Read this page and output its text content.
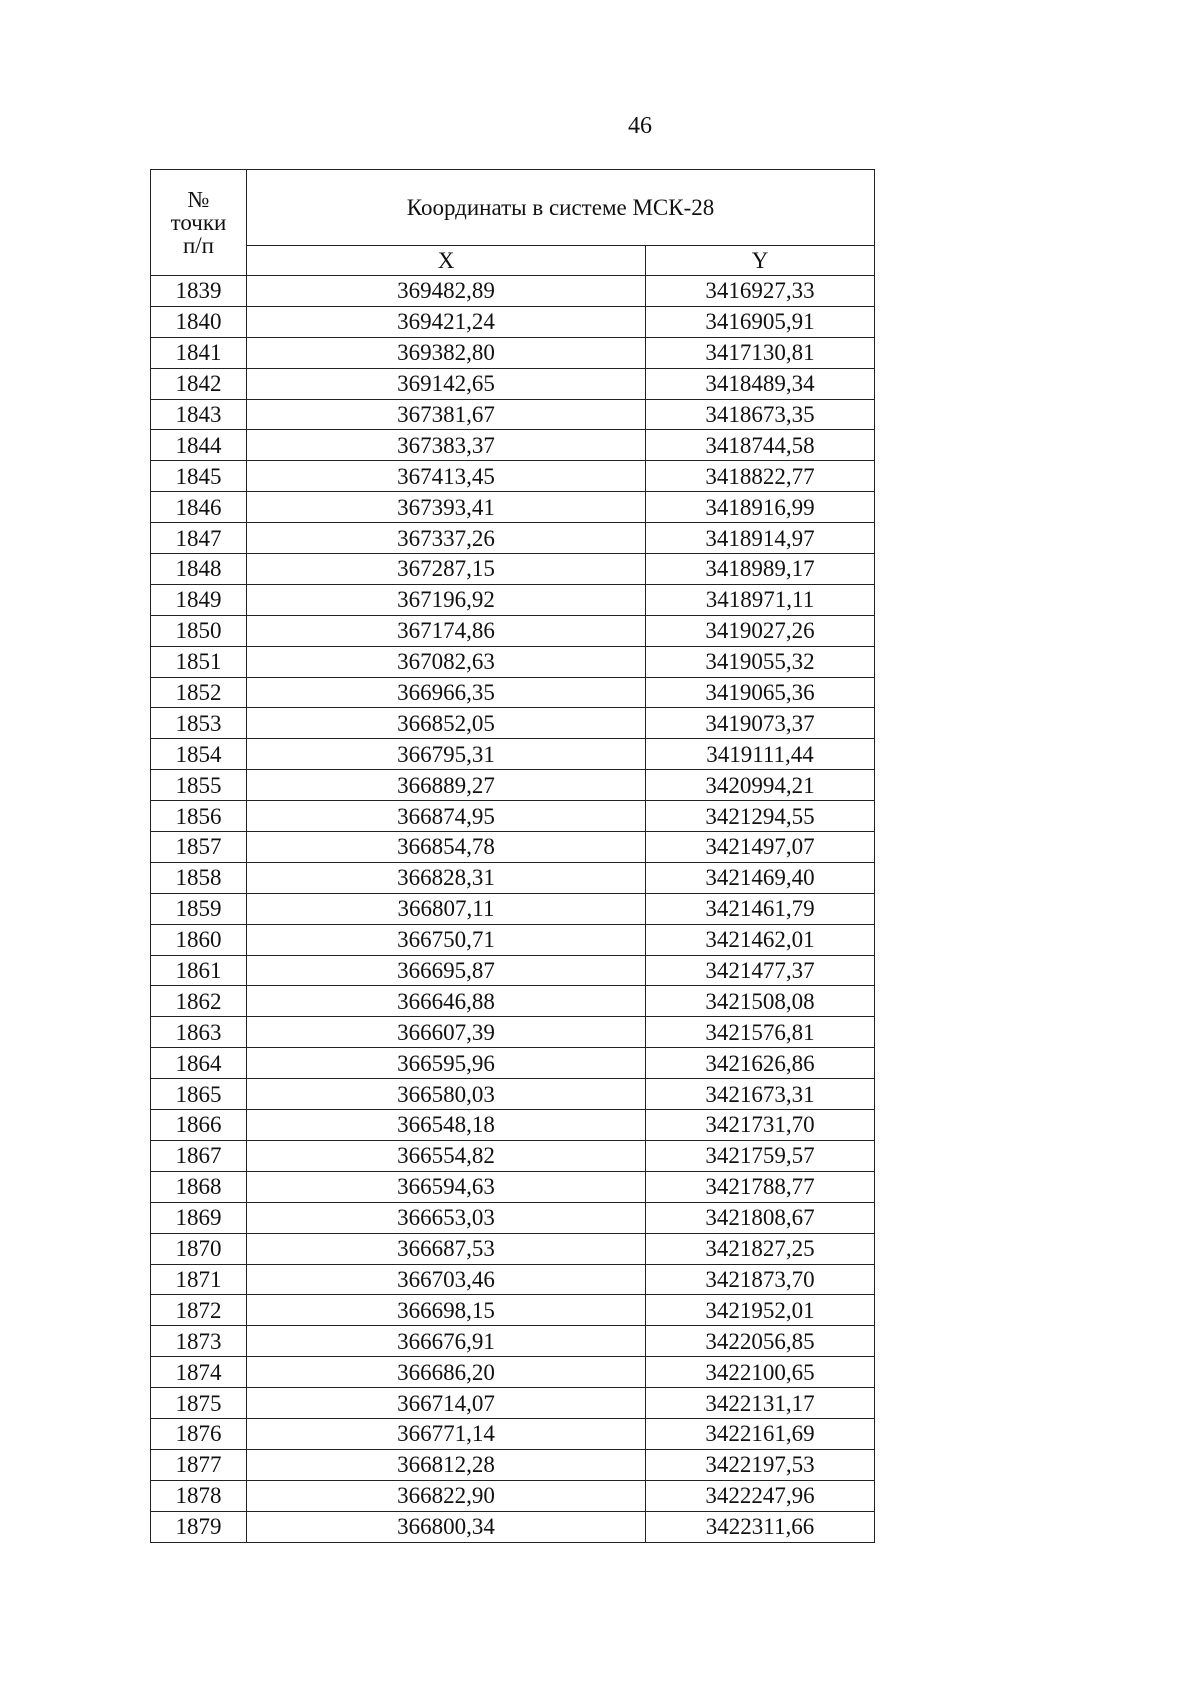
46
№
точки
п/п	Координаты в системе МСК-28	
	X	Y
1839	369482,89	3416927,33
1840	369421,24	3416905,91
1841	369382,80	3417130,81
1842	369142,65	3418489,34
1843	367381,67	3418673,35
1844	367383,37	3418744,58
1845	367413,45	3418822,77
1846	367393,41	3418916,99
1847	367337,26	3418914,97
1848	367287,15	3418989,17
1849	367196,92	3418971,11
1850	367174,86	3419027,26
1851	367082,63	3419055,32
1852	366966,35	3419065,36
1853	366852,05	3419073,37
1854	366795,31	3419111,44
1855	366889,27	3420994,21
1856	366874,95	3421294,55
1857	366854,78	3421497,07
1858	366828,31	3421469,40
1859	366807,11	3421461,79
1860	366750,71	3421462,01
1861	366695,87	3421477,37
1862	366646,88	3421508,08
1863	366607,39	3421576,81
1864	366595,96	3421626,86
1865	366580,03	3421673,31
1866	366548,18	3421731,70
1867	366554,82	3421759,57
1868	366594,63	3421788,77
1869	366653,03	3421808,67
1870	366687,53	3421827,25
1871	366703,46	3421873,70
1872	366698,15	3421952,01
1873	366676,91	3422056,85
1874	366686,20	3422100,65
1875	366714,07	3422131,17
1876	366771,14	3422161,69
1877	366812,28	3422197,53
1878	366822,90	3422247,96
1879	366800,34	3422311,66
